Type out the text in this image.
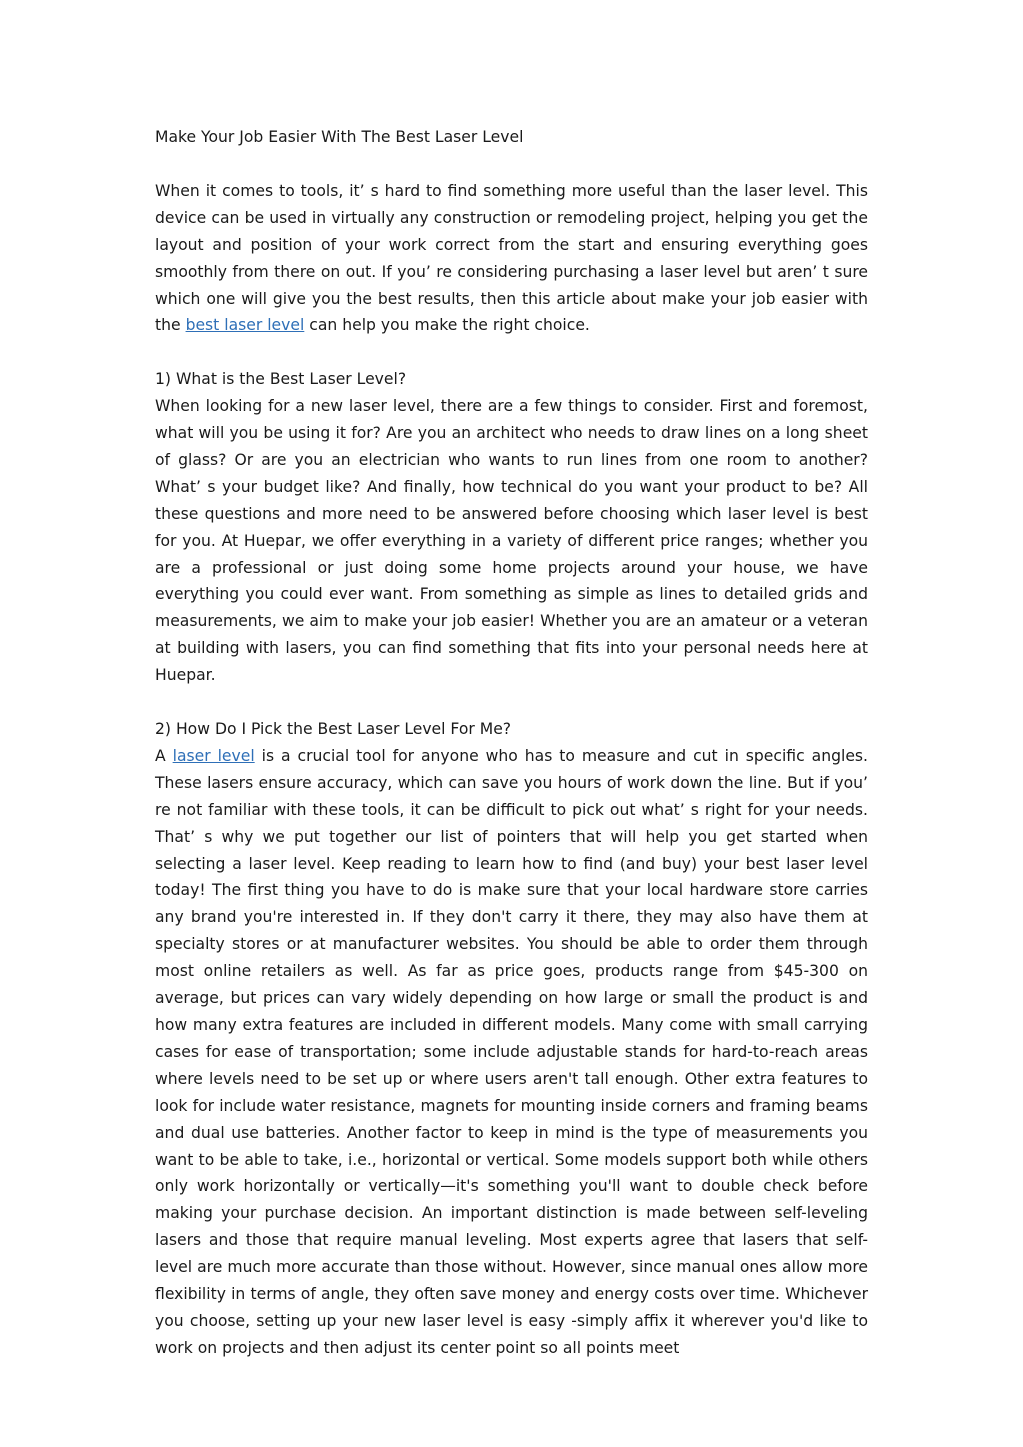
Make Your Job Easier With The Best Laser Level

When it comes to tools, it’ s hard to find something more useful than the laser level. This device can be used in virtually any construction or remodeling project, helping you get the layout and position of your work correct from the start and ensuring everything goes smoothly from there on out. If you’ re considering purchasing a laser level but aren’ t sure which one will give you the best results, then this article about make your job easier with the best laser level can help you make the right choice.

1) What is the Best Laser Level?

When looking for a new laser level, there are a few things to consider. First and foremost, what will you be using it for? Are you an architect who needs to draw lines on a long sheet of glass? Or are you an electrician who wants to run lines from one room to another? What’ s your budget like? And finally, how technical do you want your product to be? All these questions and more need to be answered before choosing which laser level is best for you. At Huepar, we offer everything in a variety of different price ranges; whether you are a professional or just doing some home projects around your house, we have everything you could ever want. From something as simple as lines to detailed grids and measurements, we aim to make your job easier! Whether you are an amateur or a veteran at building with lasers, you can find something that fits into your personal needs here at Huepar.

2) How Do I Pick the Best Laser Level For Me?

A laser level is a crucial tool for anyone who has to measure and cut in specific angles. These lasers ensure accuracy, which can save you hours of work down the line. But if you’ re not familiar with these tools, it can be difficult to pick out what’ s right for your needs. That’ s why we put together our list of pointers that will help you get started when selecting a laser level. Keep reading to learn how to find (and buy) your best laser level today! The first thing you have to do is make sure that your local hardware store carries any brand you're interested in. If they don't carry it there, they may also have them at specialty stores or at manufacturer websites. You should be able to order them through most online retailers as well. As far as price goes, products range from $45-300 on average, but prices can vary widely depending on how large or small the product is and how many extra features are included in different models. Many come with small carrying cases for ease of transportation; some include adjustable stands for hard-to-reach areas where levels need to be set up or where users aren't tall enough. Other extra features to look for include water resistance, magnets for mounting inside corners and framing beams and dual use batteries. Another factor to keep in mind is the type of measurements you want to be able to take, i.e., horizontal or vertical. Some models support both while others only work horizontally or vertically—it's something you'll want to double check before making your purchase decision. An important distinction is made between self-leveling lasers and those that require manual leveling. Most experts agree that lasers that self-level are much more accurate than those without. However, since manual ones allow more flexibility in terms of angle, they often save money and energy costs over time. Whichever you choose, setting up your new laser level is easy -simply affix it wherever you'd like to work on projects and then adjust its center point so all points meet
